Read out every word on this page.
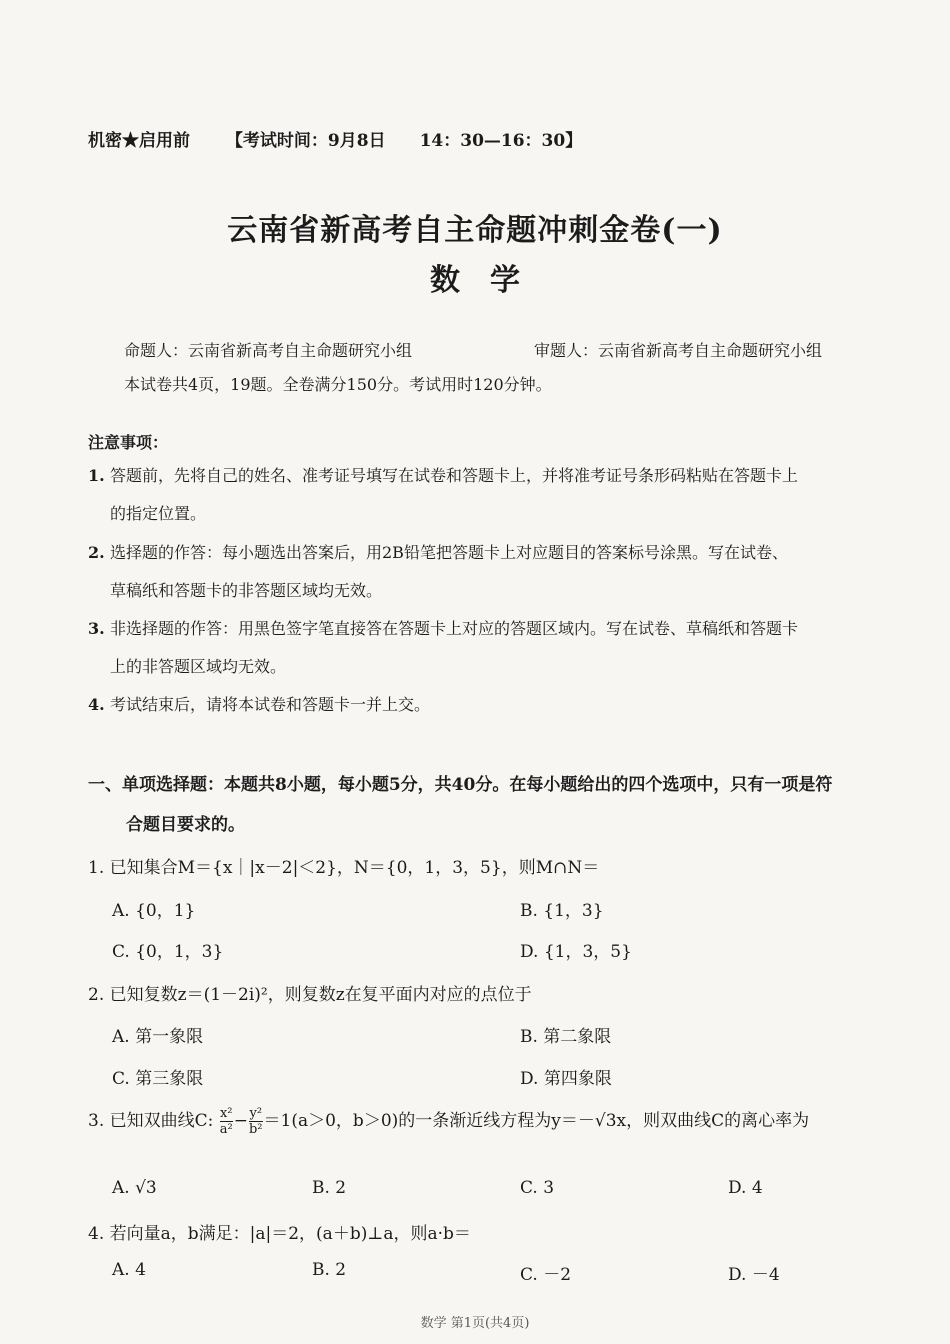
机密★启用前 【考试时间：9月8日　　14：30—16：30】
云南省新高考自主命题冲刺金卷(一)
数学
命题人：云南省新高考自主命题研究小组	审题人：云南省新高考自主命题研究小组
本试卷共4页，19题。全卷满分150分。考试用时120分钟。
注意事项：
1. 答题前，先将自己的姓名、准考证号填写在试卷和答题卡上，并将准考证号条形码粘贴在答题卡上
的指定位置。
2. 选择题的作答：每小题选出答案后，用2B铅笔把答题卡上对应题目的答案标号涂黑。写在试卷、
草稿纸和答题卡的非答题区域均无效。
3. 非选择题的作答：用黑色签字笔直接答在答题卡上对应的答题区域内。写在试卷、草稿纸和答题卡
上的非答题区域均无效。
4. 考试结束后，请将本试卷和答题卡一并上交。
一、单项选择题：本题共8小题，每小题5分，共40分。在每小题给出的四个选项中，只有一项是符
合题目要求的。
1. 已知集合M＝{x｜|x－2|＜2}，N＝{0，1，3，5}，则M∩N＝
A. {0，1}	B. {1，3}
C. {0，1，3}	D. {1，3，5}
2. 已知复数z＝(1－2i)²，则复数z在复平面内对应的点位于
A. 第一象限	B. 第二象限
C. 第三象限	D. 第四象限
3. 已知双曲线C: $\frac{\text{x²}}{\text{a²}} - \frac{\text{y²}}{\text{b²}} =1(a>0$，b＞0)的一条渐近线方程为y＝－√3x，则双曲线C的离心率为
A. √3	B. 2	C. 3	D. 4
4. 若向量a，b满足：|a|＝2，(a＋b)⊥a，则a·b＝
A. 4	B. 2	C. －2	D. －4
数学 第1页(共4页)
